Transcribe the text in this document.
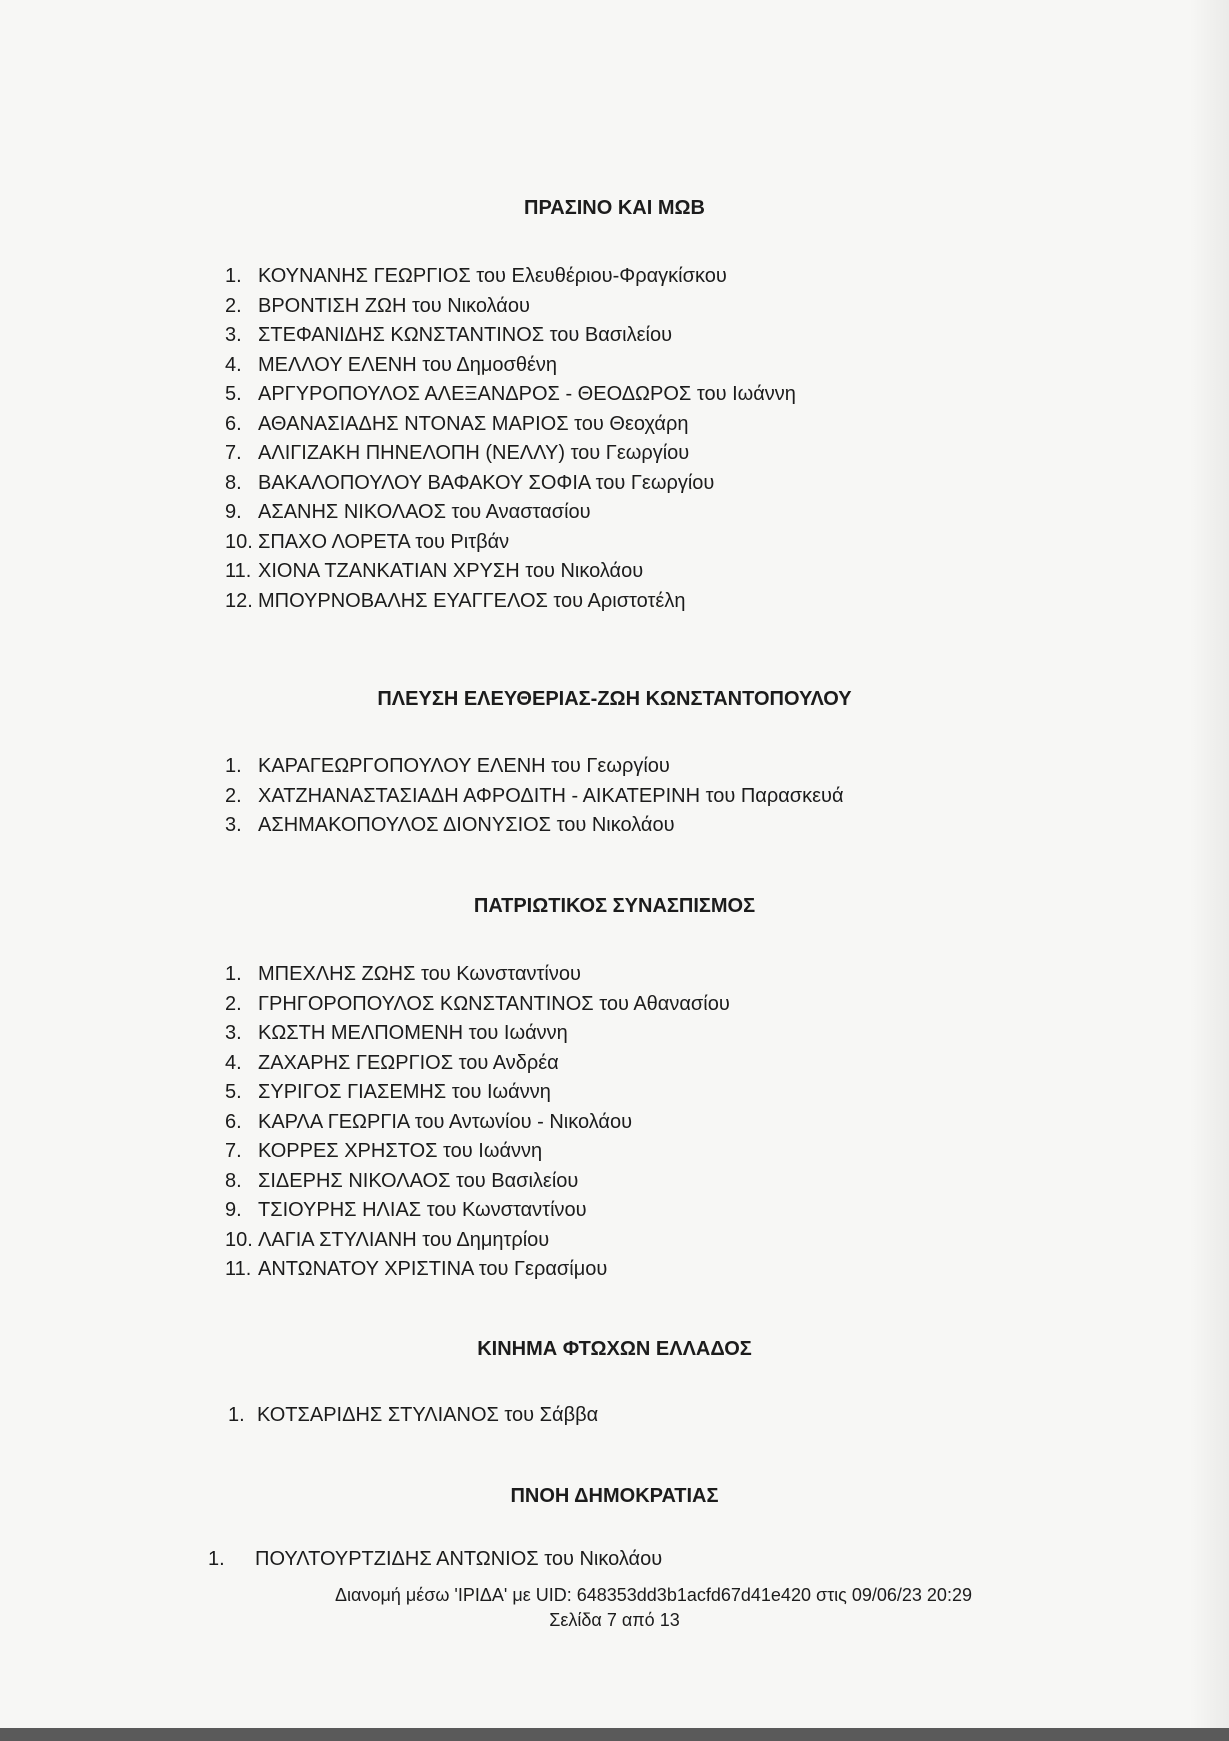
ΠΡΑΣΙΝΟ ΚΑΙ ΜΩΒ
1. ΚΟΥΝΑΝΗΣ ΓΕΩΡΓΙΟΣ του Ελευθέριου-Φραγκίσκου
2. ΒΡΟΝΤΙΣΗ ΖΩΗ του Νικολάου
3. ΣΤΕΦΑΝΙΔΗΣ ΚΩΝΣΤΑΝΤΙΝΟΣ του Βασιλείου
4. ΜΕΛΛΟΥ ΕΛΕΝΗ του Δημοσθένη
5. ΑΡΓΥΡΟΠΟΥΛΟΣ ΑΛΕΞΑΝΔΡΟΣ - ΘΕΟΔΩΡΟΣ του Ιωάννη
6. ΑΘΑΝΑΣΙΑΔΗΣ ΝΤΟΝΑΣ ΜΑΡΙΟΣ του Θεοχάρη
7. ΑΛΙΓΙΖΑΚΗ ΠΗΝΕΛΟΠΗ (ΝΕΛΛΥ) του Γεωργίου
8. ΒΑΚΑΛΟΠΟΥΛΟΥ ΒΑΦΑΚΟΥ ΣΟΦΙΑ του Γεωργίου
9. ΑΣΑΝΗΣ ΝΙΚΟΛΑΟΣ του Αναστασίου
10. ΣΠΑΧΟ ΛΟΡΕΤΑ του Ριτβάν
11. ΧΙΟΝΑ ΤΖΑΝΚΑΤΙΑΝ ΧΡΥΣΗ του Νικολάου
12. ΜΠΟΥΡΝΟΒΑΛΗΣ ΕΥΑΓΓΕΛΟΣ του Αριστοτέλη
ΠΛΕΥΣΗ ΕΛΕΥΘΕΡΙΑΣ-ΖΩΗ ΚΩΝΣΤΑΝΤΟΠΟΥΛΟΥ
1. ΚΑΡΑΓΕΩΡΓΟΠΟΥΛΟΥ ΕΛΕΝΗ του Γεωργίου
2. ΧΑΤΖΗΑΝΑΣΤΑΣΙΑΔΗ ΑΦΡΟΔΙΤΗ - ΑΙΚΑΤΕΡΙΝΗ του Παρασκευά
3. ΑΣΗΜΑΚΟΠΟΥΛΟΣ ΔΙΟΝΥΣΙΟΣ του Νικολάου
ΠΑΤΡΙΩΤΙΚΟΣ ΣΥΝΑΣΠΙΣΜΟΣ
1. ΜΠΕΧΛΗΣ ΖΩΗΣ του Κωνσταντίνου
2. ΓΡΗΓΟΡΟΠΟΥΛΟΣ ΚΩΝΣΤΑΝΤΙΝΟΣ του Αθανασίου
3. ΚΩΣΤΗ ΜΕΛΠΟΜΕΝΗ του Ιωάννη
4. ΖΑΧΑΡΗΣ ΓΕΩΡΓΙΟΣ του Ανδρέα
5. ΣΥΡΙΓΟΣ ΓΙΑΣΕΜΗΣ του Ιωάννη
6. ΚΑΡΛΑ ΓΕΩΡΓΙΑ του Αντωνίου - Νικολάου
7. ΚΟΡΡΕΣ ΧΡΗΣΤΟΣ του Ιωάννη
8. ΣΙΔΕΡΗΣ ΝΙΚΟΛΑΟΣ του Βασιλείου
9. ΤΣΙΟΥΡΗΣ ΗΛΙΑΣ του Κωνσταντίνου
10. ΛΑΓΙΑ ΣΤΥΛΙΑΝΗ του Δημητρίου
11. ΑΝΤΩΝΑΤΟΥ ΧΡΙΣΤΙΝΑ του Γερασίμου
ΚΙΝΗΜΑ ΦΤΩΧΩΝ ΕΛΛΑΔΟΣ
1. ΚΟΤΣΑΡΙΔΗΣ ΣΤΥΛΙΑΝΟΣ του Σάββα
ΠΝΟΗ ΔΗΜΟΚΡΑΤΙΑΣ
1.	ΠΟΥΛΤΟΥΡΤΖΙΔΗΣ ΑΝΤΩΝΙΟΣ του Νικολάου
Διανομή μέσω 'ΙΡΙΔΑ' με UID: 648353dd3b1acfd67d41e420 στις 09/06/23 20:29
Σελίδα 7 από 13
